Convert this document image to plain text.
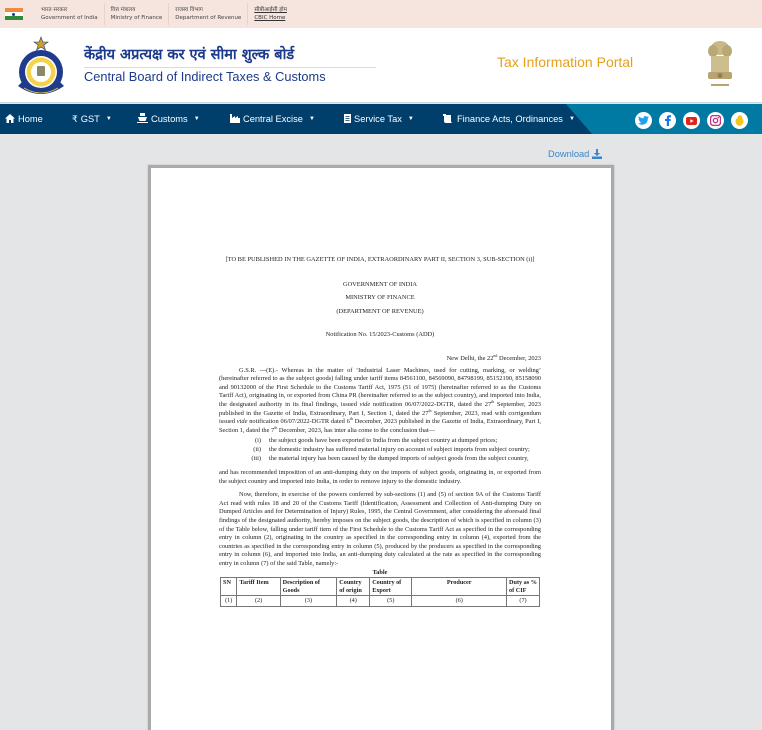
भारत सरकार
Government of India
वित्त मंत्रालय
Ministry of Finance
राजस्व विभाग
Department of Revenue
सीबीआईसी होम
CBIC Home
केंद्रीय अप्रत्यक्ष कर एवं सीमा शुल्क बोर्ड
Central Board of Indirect Taxes & Customs
Tax Information Portal
Home	₹ GST ▼	Customs ▼	Central Excise ▼	Service Tax ▼	Finance Acts, Ordinances ▼
Download

[TO BE PUBLISHED IN THE GAZETTE OF INDIA, EXTRAORDINARY PART II, SECTION 3, SUB-SECTION (i)]

GOVERNMENT OF INDIA

MINISTRY OF FINANCE

(DEPARTMENT OF REVENUE)

Notification No. 15/2023-Customs (ADD)

New Delhi, the 22nd December, 2023

G.S.R. ---(E).- Whereas in the matter of ‘Industrial Laser Machines, used for cutting, marking, or welding’ (hereinafter referred to as the subject goods) falling under tariff items 84561100, 84569090, 84798199, 85152190, 85158090 and 90132000 of the First Schedule to the Customs Tariff Act, 1975 (51 of 1975) (hereinafter referred to as the Customs Tariff Act), originating in, or exported from China PR (hereinafter referred to as the subject country), and imported into India, the designated authority in its final findings, issued vide notification 06/07/2022-DGTR, dated the 27th September, 2023 published in the Gazette of India, Extraordinary, Part I, Section 1, dated the 27th September, 2023, read with corrigendum issued vide notification 06/07/2022-DGTR dated 6th December, 2023 published in the Gazette of India, Extraordinary, Part I, Section 1, dated the 7th December, 2023, has inter alia come to the conclusion that—

(i)	the subject goods have been exported to India from the subject country at dumped prices;
(ii)	the domestic industry has suffered material injury on account of subject imports from subject country;
(iii)	the material injury has been caused by the dumped imports of subject goods from the subject country,

and has recommended imposition of an anti-dumping duty on the imports of subject goods, originating in, or exported from the subject country and imported into India, in order to remove injury to the domestic industry.

Now, therefore, in exercise of the powers conferred by sub-sections (1) and (5) of section 9A of the Customs Tariff Act read with rules 18 and 20 of the Customs Tariff (Identification, Assessment and Collection of Anti-dumping Duty on Dumped Articles and for Determination of Injury) Rules, 1995, the Central Government, after considering the aforesaid final findings of the designated authority, hereby imposes on the subject goods, the description of which is specified in column (3) of the Table below, falling under tariff item of the First Schedule to the Customs Tariff Act as specified in the corresponding entry in column (2), originating in the country as specified in the corresponding entry in column (4), exported from the countries as specified in the corresponding entry in column (5), produced by the producers as specified in the corresponding entry in column (6), and imported into India, an anti-dumping duty calculated at the rate as specified in the corresponding entry in column (7) of the said Table, namely:-

Table

SN	Tariff Item	Description of Goods	Country of origin	Country of Export	Producer	Duty as % of CIF
(1)	(2)	(3)	(4)	(5)	(6)	(7)
